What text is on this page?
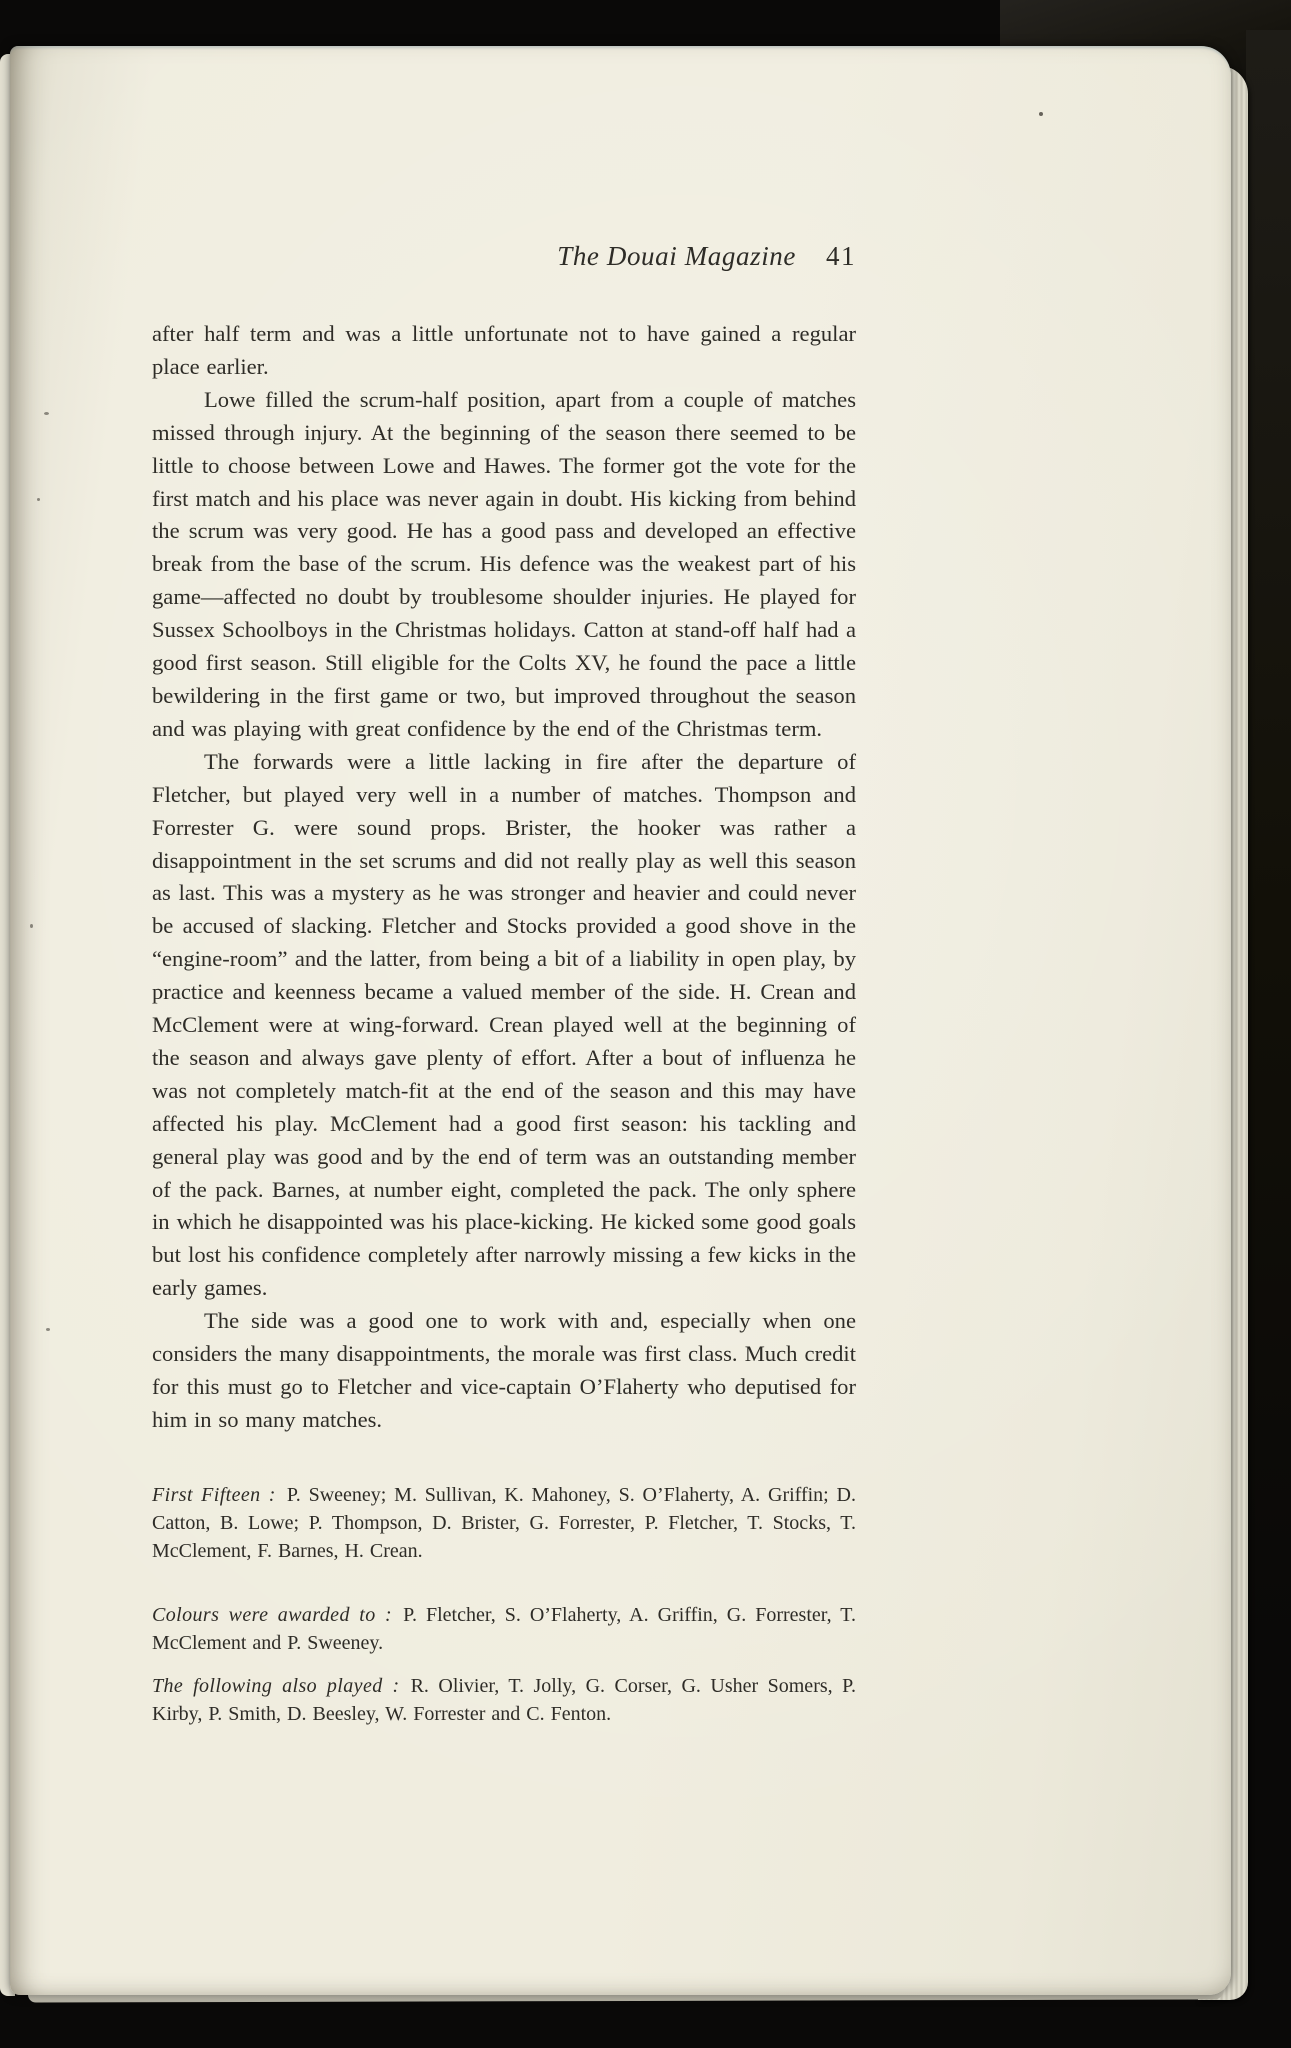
The Douai Magazine 41

after half term and was a little unfortunate not to have gained a regular place earlier.

Lowe filled the scrum-half position, apart from a couple of matches missed through injury. At the beginning of the season there seemed to be little to choose between Lowe and Hawes. The former got the vote for the first match and his place was never again in doubt. His kicking from behind the scrum was very good. He has a good pass and developed an effective break from the base of the scrum. His defence was the weakest part of his game—affected no doubt by troublesome shoulder injuries. He played for Sussex Schoolboys in the Christmas holidays. Catton at stand-off half had a good first season. Still eligible for the Colts XV, he found the pace a little bewildering in the first game or two, but improved throughout the season and was playing with great confidence by the end of the Christmas term.

The forwards were a little lacking in fire after the departure of Fletcher, but played very well in a number of matches. Thompson and Forrester G. were sound props. Brister, the hooker was rather a disappointment in the set scrums and did not really play as well this season as last. This was a mystery as he was stronger and heavier and could never be accused of slacking. Fletcher and Stocks provided a good shove in the “engine-room” and the latter, from being a bit of a liability in open play, by practice and keenness became a valued member of the side. H. Crean and McClement were at wing-forward. Crean played well at the beginning of the season and always gave plenty of effort. After a bout of influenza he was not completely match-fit at the end of the season and this may have affected his play. McClement had a good first season: his tackling and general play was good and by the end of term was an outstanding member of the pack. Barnes, at number eight, completed the pack. The only sphere in which he disappointed was his place-kicking. He kicked some good goals but lost his confidence completely after narrowly missing a few kicks in the early games.

The side was a good one to work with and, especially when one considers the many disappointments, the morale was first class. Much credit for this must go to Fletcher and vice-captain O’Flaherty who deputised for him in so many matches.

First Fifteen : P. Sweeney; M. Sullivan, K. Mahoney, S. O’Flaherty, A. Griffin; D. Catton, B. Lowe; P. Thompson, D. Brister, G. Forrester, P. Fletcher, T. Stocks, T. McClement, F. Barnes, H. Crean.

Colours were awarded to : P. Fletcher, S. O’Flaherty, A. Griffin, G. Forrester, T. McClement and P. Sweeney.

The following also played : R. Olivier, T. Jolly, G. Corser, G. Usher Somers, P. Kirby, P. Smith, D. Beesley, W. Forrester and C. Fenton.
